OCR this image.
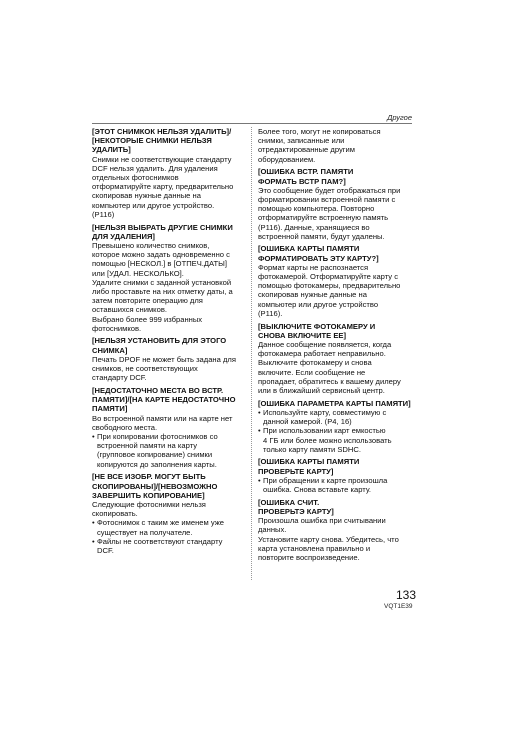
Другое
[ЭТОТ СНИМКОК НЕЛЬЗЯ УДАЛИТЬ]/
[НЕКОТОРЫЕ СНИМКИ НЕЛЬЗЯ
УДАЛИТЬ]
Снимки не соответствующие стандарту
DCF нельзя удалить. Для удаления
отдельных фотоснимков
отформатируйте карту, предварительно
скопировав нужные данные на
компьютер или другое устройство.
(P116)
[НЕЛЬЗЯ ВЫБРАТЬ ДРУГИЕ СНИМКИ
ДЛЯ УДАЛЕНИЯ]
Превышено количество снимков,
которое можно задать одновременно с
помощью [НЕСКОЛ.] в [ОТПЕЧ.ДАТЫ]
или [УДАЛ. НЕСКОЛЬКО].
Удалите снимки с заданной установкой
либо проставьте на них отметку даты, а
затем повторите операцию для
оставшихся снимков.
Выбрано более 999 избранных
фотоснимков.
[НЕЛЬЗЯ УСТАНОВИТЬ ДЛЯ ЭТОГО
СНИМКА]
Печать DPOF не может быть задана для
снимков, не соответствующих
стандарту DCF.
[НЕДОСТАТОЧНО МЕСТА ВО ВСТР.
ПАМЯТИ]/[НА КАРТЕ НЕДОСТАТОЧНО
ПАМЯТИ]
Во встроенной памяти или на карте нет
свободного места.
• При копировании фотоснимков со
встроенной памяти на карту
(групповое копирование) снимки
копируются до заполнения карты.
[НЕ ВСЕ ИЗОБР. МОГУТ БЫТЬ
СКОПИРОВАНЫ]/[НЕВОЗМОЖНО
ЗАВЕРШИТЬ КОПИРОВАНИЕ]
Следующие фотоснимки нельзя
скопировать.
• Фотоснимок с таким же именем уже
существует на получателе.
• Файлы не соответствуют стандарту
DCF.
Более того, могут не копироваться
снимки, записанные или
отредактированные другим
оборудованием.
[ОШИБКА ВСТР. ПАМЯТИ
ФОРМАТЬ ВСТР ПАМ?]
Это сообщение будет отображаться при
форматировании встроенной памяти с
помощью компьютера. Повторно
отформатируйте встроенную память
(P116). Данные, хранящиеся во
встроенной памяти, будут удалены.
[ОШИБКА КАРТЫ ПАМЯТИ
ФОРМАТИРОВАТЬ ЭТУ КАРТУ?]
Формат карты не распознается
фотокамерой. Отформатируйте карту с
помощью фотокамеры, предварительно
скопировав нужные данные на
компьютер или другое устройство
(P116).
[ВЫКЛЮЧИТЕ ФОТОКАМЕРУ И
СНОВА ВКЛЮЧИТЕ ЕЕ]
Данное сообщение появляется, когда
фотокамера работает неправильно.
Выключите фотокамеру и снова
включите. Если сообщение не
пропадает, обратитесь к вашему дилеру
или в ближайший сервисный центр.
[ОШИБКА ПАРАМЕТРА КАРТЫ ПАМЯТИ]
• Используйте карту, совместимую с
данной камерой. (P4, 16)
• При использовании карт емкостью
4 ГБ или более можно использовать
только карту памяти SDHC.
[ОШИБКА КАРТЫ ПАМЯТИ
ПРОВЕРЬТЕ КАРТУ]
• При обращении к карте произошла
ошибка. Снова вставьте карту.
[ОШИБКА СЧИТ.
ПРОВЕРЬТЭ КАРТУ]
Произошла ошибка при считывании
данных.
Установите карту снова. Убедитесь, что
карта установлена правильно и
повторите воспроизведение.
133
VQT1E39
